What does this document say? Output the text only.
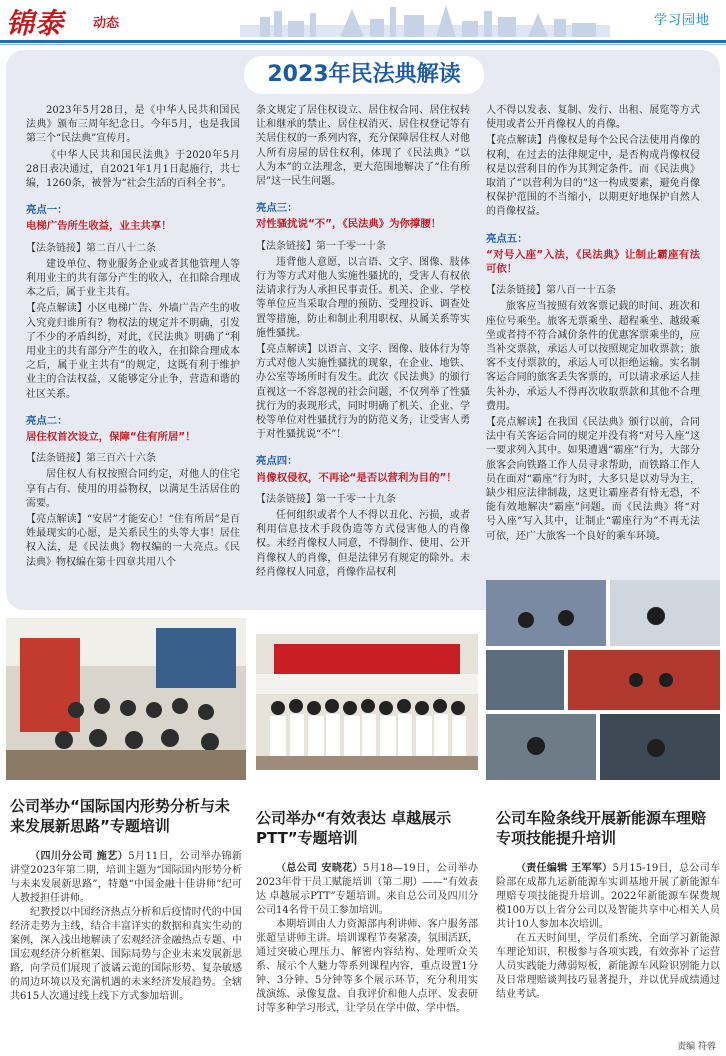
锦泰 动态	学习园地
2023年民法典解读

2023年5月28日，是《中华人民共和国民法典》颁布三周年纪念日。今年5月，也是我国第三个“民法典”宣传月。

《中华人民共和国民法典》于2020年5月28日表决通过，自2021年1月1日起施行，共七编，1260条，被誉为“社会生活的百科全书”。

亮点一：

电梯广告所生收益，业主共享！

【法条链接】第二百八十二条

建设单位、物业服务企业或者其他管理人等利用业主的共有部分产生的收入，在扣除合理成本之后，属于业主共有。

【亮点解读】小区电梯广告、外墙广告产生的收入究竟归谁所有？物权法的规定并不明确，引发了不少的矛盾纠纷，对此，《民法典》明确了“利用业主的共有部分产生的收入，在扣除合理成本之后，属于业主共有”的规定，这既有利于维护业主的合法权益，又能够定分止争，营造和谐的社区关系。

亮点二：

居住权首次设立，保障“住有所居”！

【法条链接】第三百六十六条

居住权人有权按照合同约定，对他人的住宅享有占有、使用的用益物权，以满足生活居住的需要。

【亮点解读】“安居”才能安心！“住有所居”是百姓最现实的心愿，是关系民生的头等大事！居住权入法，是《民法典》物权编的一大亮点。《民法典》物权编在第十四章共用八个

条文规定了居住权设立、居住权合同、居住权转让和继承的禁止、居住权消灭、居住权登记等有关居住权的一系列内容，充分保障居住权人对他人所有房屋的居住权利，体现了《民法典》“以人为本”的立法理念，更大范围地解决了“住有所居”这一民生问题。

亮点三：

对性骚扰说“不”，《民法典》为你撑腰！

【法条链接】第一千零一十条

违背他人意愿，以言语、文字、图像、肢体行为等方式对他人实施性骚扰的，受害人有权依法请求行为人承担民事责任。机关、企业、学校等单位应当采取合理的预防、受理投诉、调查处置等措施，防止和制止利用职权、从属关系等实施性骚扰。

【亮点解读】以语言、文字、图像、肢体行为等方式对他人实施性骚扰的现象，在企业、地铁、办公室等场所时有发生。此次《民法典》的颁行直视这一不容忽视的社会问题，不仅列举了性骚扰行为的表现形式，同时明确了机关、企业、学校等单位对性骚扰行为的防范义务，让受害人勇于对性骚扰说“不”！

亮点四：

肖像权侵权，不再论“是否以营利为目的”！

【法条链接】第一千零一十九条

任何组织或者个人不得以丑化、污损，或者利用信息技术手段伪造等方式侵害他人的肖像权。未经肖像权人同意，不得制作、使用、公开肖像权人的肖像，但是法律另有规定的除外。未经肖像权人同意，肖像作品权利

人不得以发表、复制、发行、出租、展览等方式使用或者公开肖像权人的肖像。

【亮点解读】肖像权是每个公民合法使用肖像的权利，在过去的法律规定中，是否构成肖像权侵权是以营利目的作为其判定条件。而《民法典》取消了“以营利为目的”这一构成要素，避免肖像权保护范围的不当缩小，以期更好地保护自然人的肖像权益。

亮点五：

“对号入座”入法，《民法典》让制止霸座有法可依！

【法条链接】第八百一十五条

旅客应当按照有效客票记载的时间、班次和座位号乘坐。旅客无票乘坐、超程乘坐、越级乘坐或者持不符合减价条件的优惠客票乘坐的，应当补交票款，承运人可以按照规定加收票款；旅客不支付票款的，承运人可以拒绝运输。实名制客运合同的旅客丢失客票的，可以请求承运人挂失补办，承运人不得再次收取票款和其他不合理费用。

【亮点解读】在我国《民法典》颁行以前，合同法中有关客运合同的规定并没有将“对号入座”这一要求列入其中。如果遭遇“霸座”行为，大部分旅客会向铁路工作人员寻求帮助，而铁路工作人员在面对“霸座”行为时，大多只是以劝导为主，缺少相应法律制裁，这更让霸座者有恃无恐，不能有效地解决“霸座”问题。而《民法典》将“对号入座”写入其中，让制止“霸座行为”不再无法可依，还广大旅客一个良好的乘车环境。

公司举办“国际国内形势分析与未来发展新思路”专题培训

（四川分公司 施艺）5月11日，公司举办锦新讲堂2023年第二期，培训主题为“国际国内形势分析与未来发展新思路”，特邀“中国金融十佳讲师”纪可人教授担任讲师。

纪教授以中国经济热点分析和后疫情时代的中国经济走势为主线，结合丰富详实的数据和真实生动的案例，深入浅出地解读了宏观经济金融热点专题、中国宏观经济分析框架、国际局势与企业未来发展新思路，向学员们展现了波谲云诡的国际形势、复杂敏感的周边环境以及充满机遇的未来经济发展趋势。全辖共615人次通过线上线下方式参加培训。

公司举办“有效表达 卓越展示PTT”专题培训

（总公司 安晓花）5月18—19日，公司举办2023年骨干员工赋能培训（第二期）——“有效表达 卓越展示PTT”专题培训。来自总公司及四川分公司14名骨干员工参加培训。

本期培训由人力资源部冉利讲师、客户服务部张超呈讲师主讲。培训课程节奏紧凑，氛围活跃，通过突破心理压力、解密内容结构、处理听众关系、展示个人魅力等系列课程内容，重点设置1分钟、3分钟、5分钟等多个展示环节，充分利用实战演练、录像复盘、自我评价和他人点评、发表研讨等多种学习形式，让学员在学中做、学中悟。

公司车险条线开展新能源车理赔专项技能提升培训

（责任编辑 王军军）5月15-19日，总公司车险部在成都九运新能源车实训基地开展了新能源车理赔专项技能提升培训。2022年新能源车保费规模100万以上省分公司以及智能共享中心相关人员共计10人参加本次培训。

在五天时间里，学员们系统、全面学习新能源车理论知识，积极参与各项实践，有效弥补了运营人员实践能力薄弱短板，新能源车风险识别能力以及日常理赔谈判技巧显著提升，并以优异成绩通过结业考试。

责编 符蓉
